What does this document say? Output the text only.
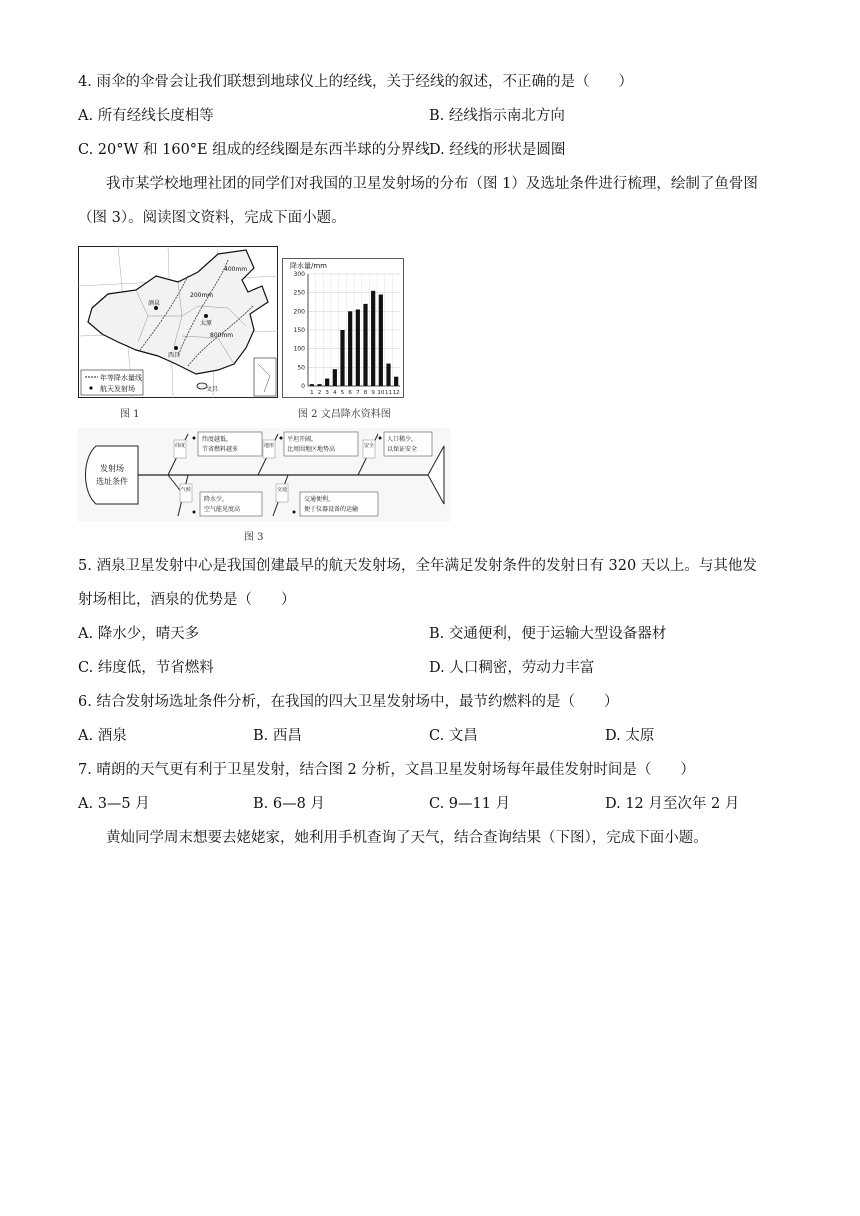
4. 雨伞的伞骨会让我们联想到地球仪上的经线，关于经线的叙述，不正确的是（　　）
A. 所有经线长度相等	B. 经线指示南北方向
C. 20°W 和 160°E 组成的经线圈是东西半球的分界线 D. 经线的形状是圆圈
我市某学校地理社团的同学们对我国的卫星发射场的分布（图 1）及选址条件进行梳理，绘制了鱼骨图
（图 3）。阅读图文资料，完成下面小题。
年等降水量线
航天发射场
400mm
200mm
800mm
酒泉
太原
西昌
文昌
图 1
300
250
200
150
100
50
0
1 2 3 4 5 6 7 8 9 10 11 12
降水量/mm
图 2 文昌降水资料图
发射场
选址条件
纬度
纬度越低，
节省燃料越多	地形
平坦开阔，
比周围地区地势高	安全
人口稀少，
以保证安全
气候
降水少，
空气能见度高
交通
交通便利，
便于仪器设备的运输
图 3
5. 酒泉卫星发射中心是我国创建最早的航天发射场，全年满足发射条件的发射日有 320 天以上。与其他发
射场相比，酒泉的优势是（　　）
A. 降水少，晴天多	B. 交通便利，便于运输大型设备器材
C. 纬度低，节省燃料	D. 人口稠密，劳动力丰富
6. 结合发射场选址条件分析，在我国的四大卫星发射场中，最节约燃料的是（　　）
A. 酒泉	B. 西昌	C. 文昌	D. 太原
7. 晴朗的天气更有利于卫星发射，结合图 2 分析，文昌卫星发射场每年最佳发射时间是（　　）
A. 3—5 月	B. 6—8 月	C. 9—11 月	D. 12 月至次年 2 月
黄灿同学周末想要去姥姥家，她利用手机查询了天气，结合查询结果（下图），完成下面小题。
